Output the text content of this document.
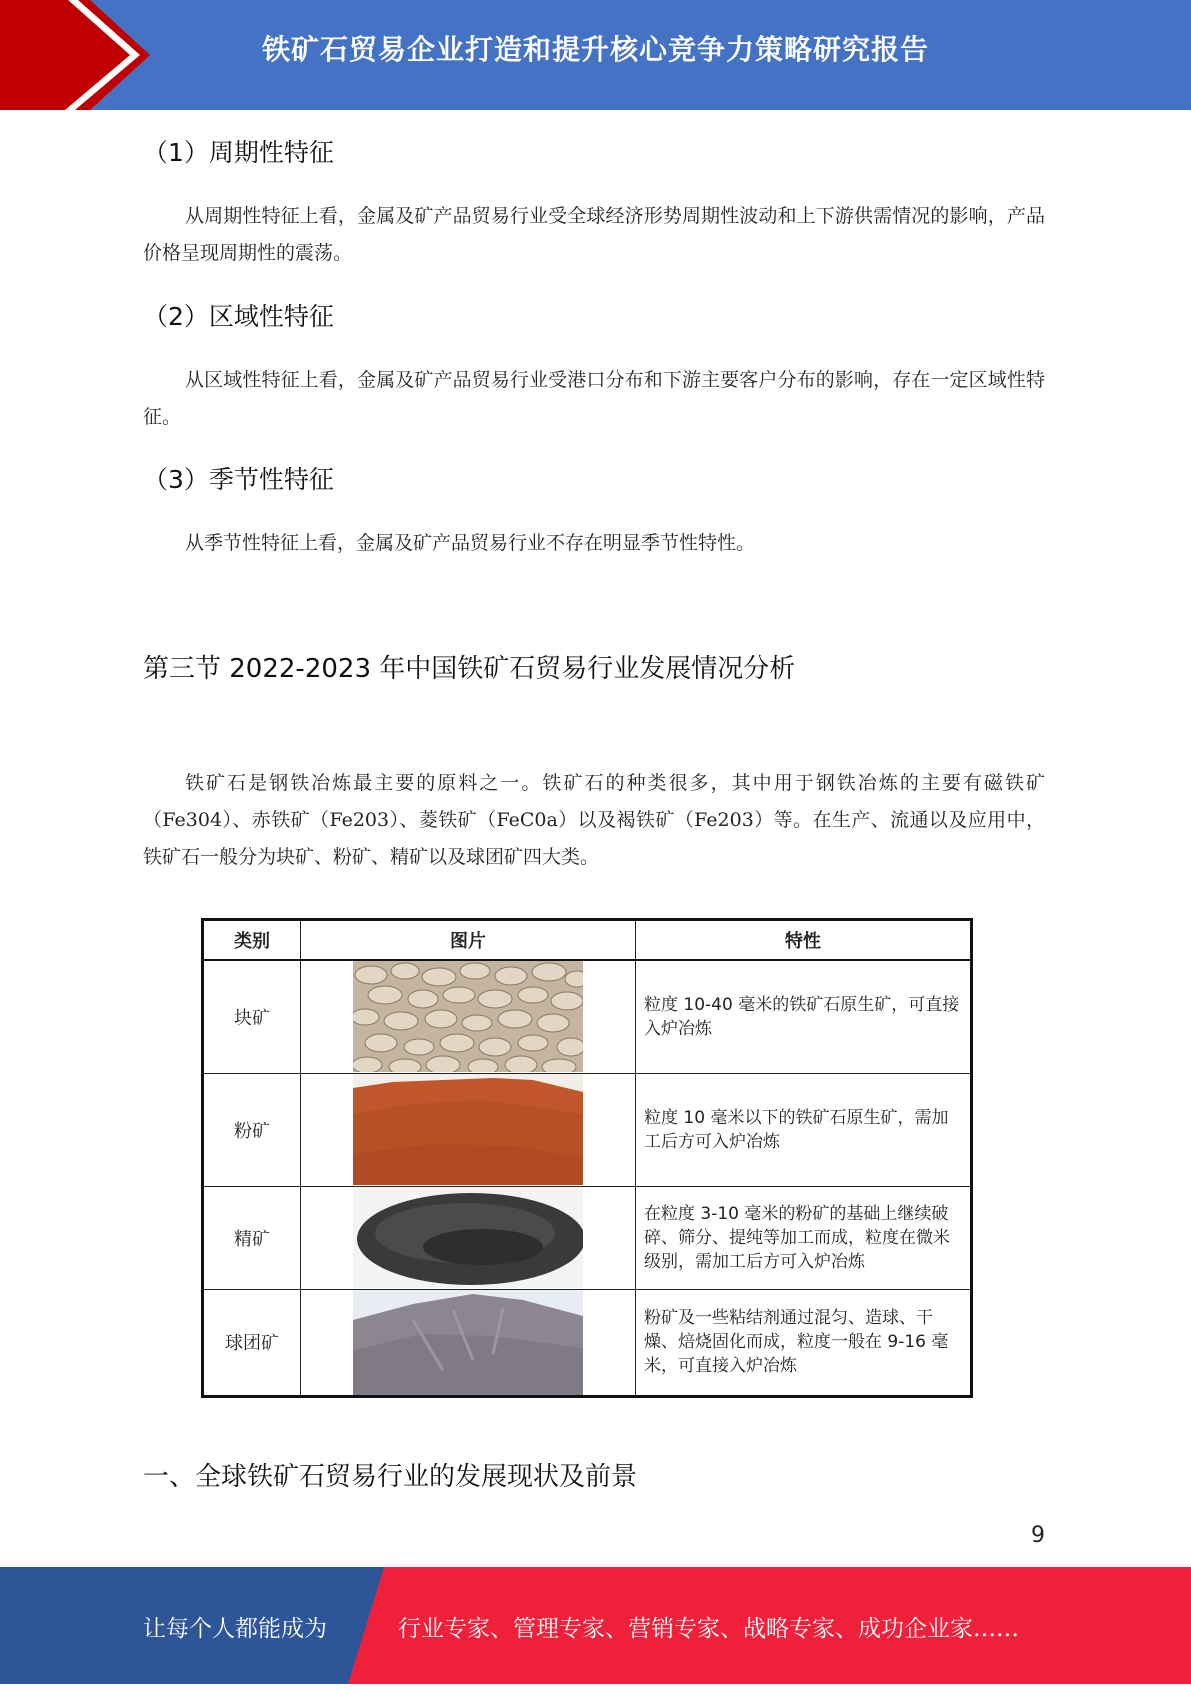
铁矿石贸易企业打造和提升核心竞争力策略研究报告
（1）周期性特征

从周期性特征上看，金属及矿产品贸易行业受全球经济形势周期性波动和上下游供需情况的影响，产品价格呈现周期性的震荡。

（2）区域性特征

从区域性特征上看，金属及矿产品贸易行业受港口分布和下游主要客户分布的影响，存在一定区域性特征。

（3）季节性特征

从季节性特征上看，金属及矿产品贸易行业不存在明显季节性特性。

第三节 2022-2023 年中国铁矿石贸易行业发展情况分析

铁矿石是钢铁冶炼最主要的原料之一。铁矿石的种类很多，其中用于钢铁冶炼的主要有磁铁矿（Fe304）、赤铁矿（Fe203）、菱铁矿（FeC0a）以及褐铁矿（Fe203）等。在生产、流通以及应用中，铁矿石一般分为块矿、粉矿、精矿以及球团矿四大类。

类别	图片	特性
块矿		粒度 10-40 毫米的铁矿石原生矿，可直接入炉冶炼
粉矿		粒度 10 毫米以下的铁矿石原生矿，需加工后方可入炉冶炼
精矿		在粒度 3-10 毫米的粉矿的基础上继续破碎、筛分、提纯等加工而成，粒度在微米级别，需加工后方可入炉冶炼
球团矿		粉矿及一些粘结剂通过混匀、造球、干燥、焙烧固化而成，粒度一般在 9-16 毫米，可直接入炉冶炼
一、全球铁矿石贸易行业的发展现状及前景
9
让每个人都能成为	行业专家、管理专家、营销专家、战略专家、成功企业家……
